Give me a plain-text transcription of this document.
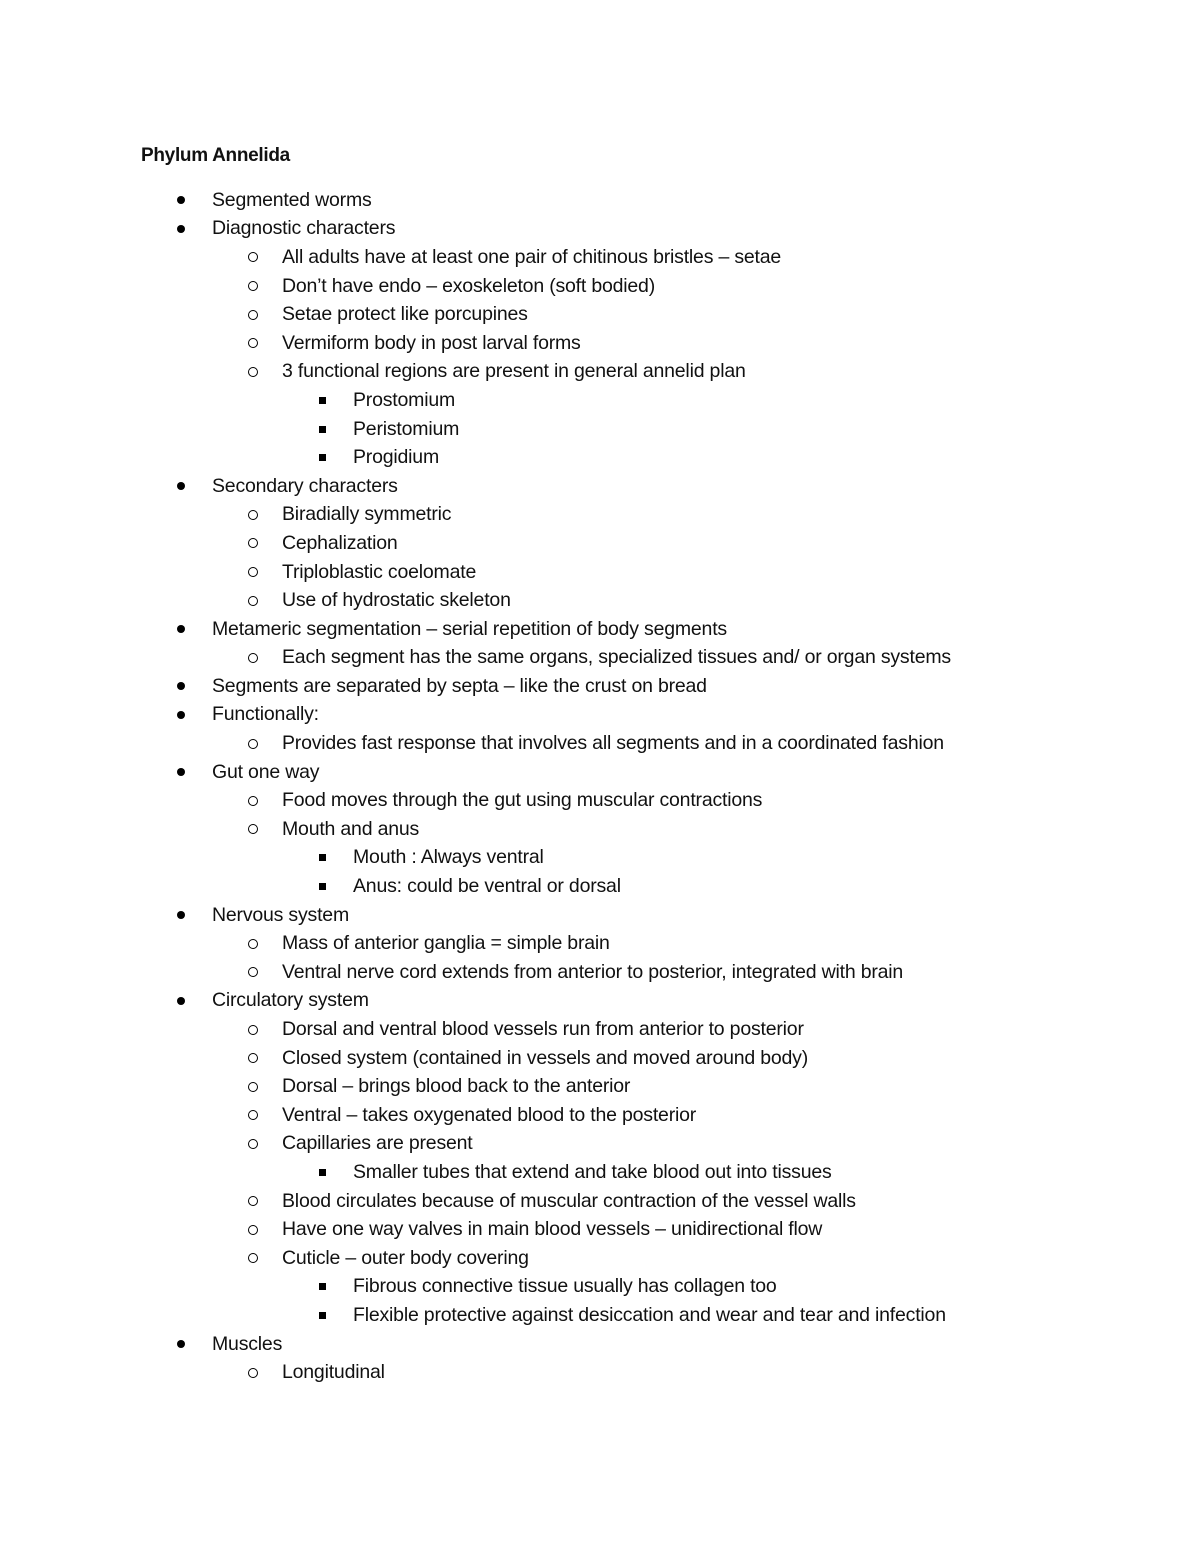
Phylum Annelida
Segmented worms
Diagnostic characters
All adults have at least one pair of chitinous bristles – setae
Don’t have endo – exoskeleton (soft bodied)
Setae protect like porcupines
Vermiform body in post larval forms
3 functional regions are present in general annelid plan
Prostomium
Peristomium
Progidium
Secondary characters
Biradially symmetric
Cephalization
Triploblastic coelomate
Use of hydrostatic skeleton
Metameric segmentation – serial repetition of body segments
Each segment has the same organs, specialized tissues and/ or organ systems
Segments are separated by septa – like the crust on bread
Functionally:
Provides fast response that involves all segments and in a coordinated fashion
Gut one way
Food moves through the gut using muscular contractions
Mouth and anus
Mouth : Always ventral
Anus: could be ventral or dorsal
Nervous system
Mass of anterior ganglia = simple brain
Ventral nerve cord extends from anterior to posterior, integrated with brain
Circulatory system
Dorsal and ventral blood vessels run from anterior to posterior
Closed system (contained in vessels and moved around body)
Dorsal – brings blood back to the anterior
Ventral – takes oxygenated blood to the posterior
Capillaries are present
Smaller tubes that extend and take blood out into tissues
Blood circulates because of muscular contraction of the vessel walls
Have one way valves in main blood vessels – unidirectional flow
Cuticle – outer body covering
Fibrous connective tissue usually has collagen too
Flexible protective against desiccation and wear and tear and infection
Muscles
Longitudinal
